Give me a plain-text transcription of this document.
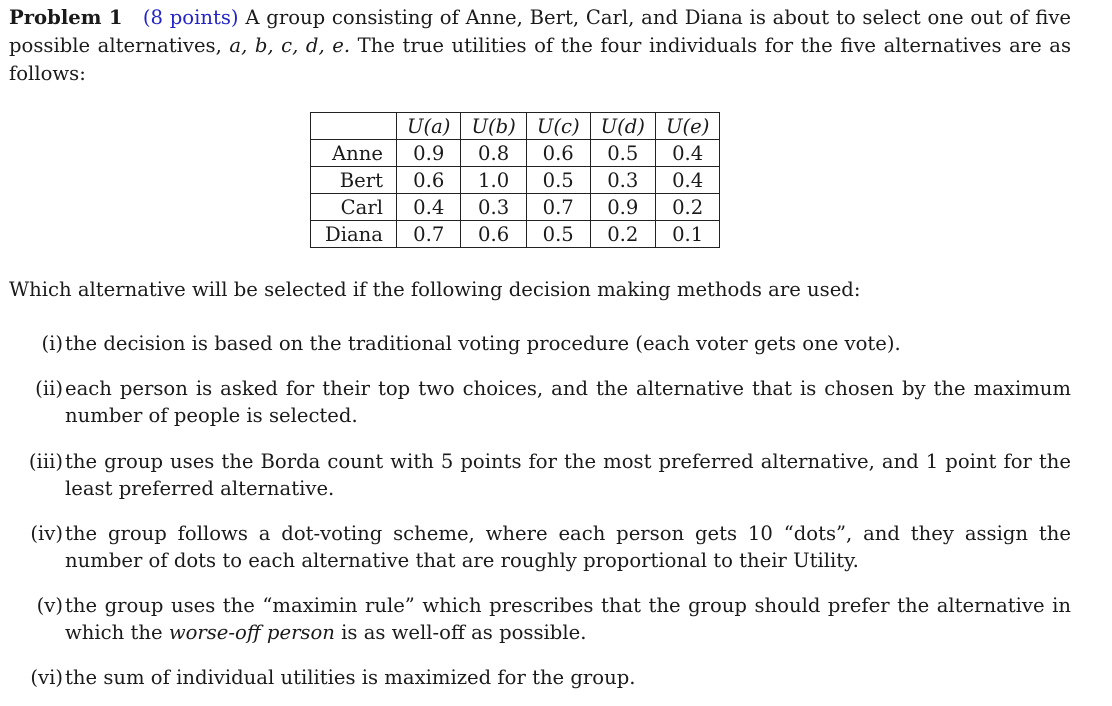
Problem 1 (8 points) A group consisting of Anne, Bert, Carl, and Diana is about to select one out of five possible alternatives, a, b, c, d, e. The true utilities of the four individuals for the five alternatives are as follows:

	U(a)	U(b)	U(c)	U(d)	U(e)
Anne	0.9	0.8	0.6	0.5	0.4
Bert	0.6	1.0	0.5	0.3	0.4
Carl	0.4	0.3	0.7	0.9	0.2
Diana	0.7	0.6	0.5	0.2	0.1

Which alternative will be selected if the following decision making methods are used:

(i) the decision is based on the traditional voting procedure (each voter gets one vote).
(ii) each person is asked for their top two choices, and the alternative that is chosen by the maximum number of people is selected.
(iii) the group uses the Borda count with 5 points for the most preferred alternative, and 1 point for the least preferred alternative.
(iv) the group follows a dot-voting scheme, where each person gets 10 “dots”, and they assign the number of dots to each alternative that are roughly proportional to their Utility.
(v) the group uses the “maximin rule” which prescribes that the group should prefer the alternative in which the worse-off person is as well-off as possible.
(vi) the sum of individual utilities is maximized for the group.
